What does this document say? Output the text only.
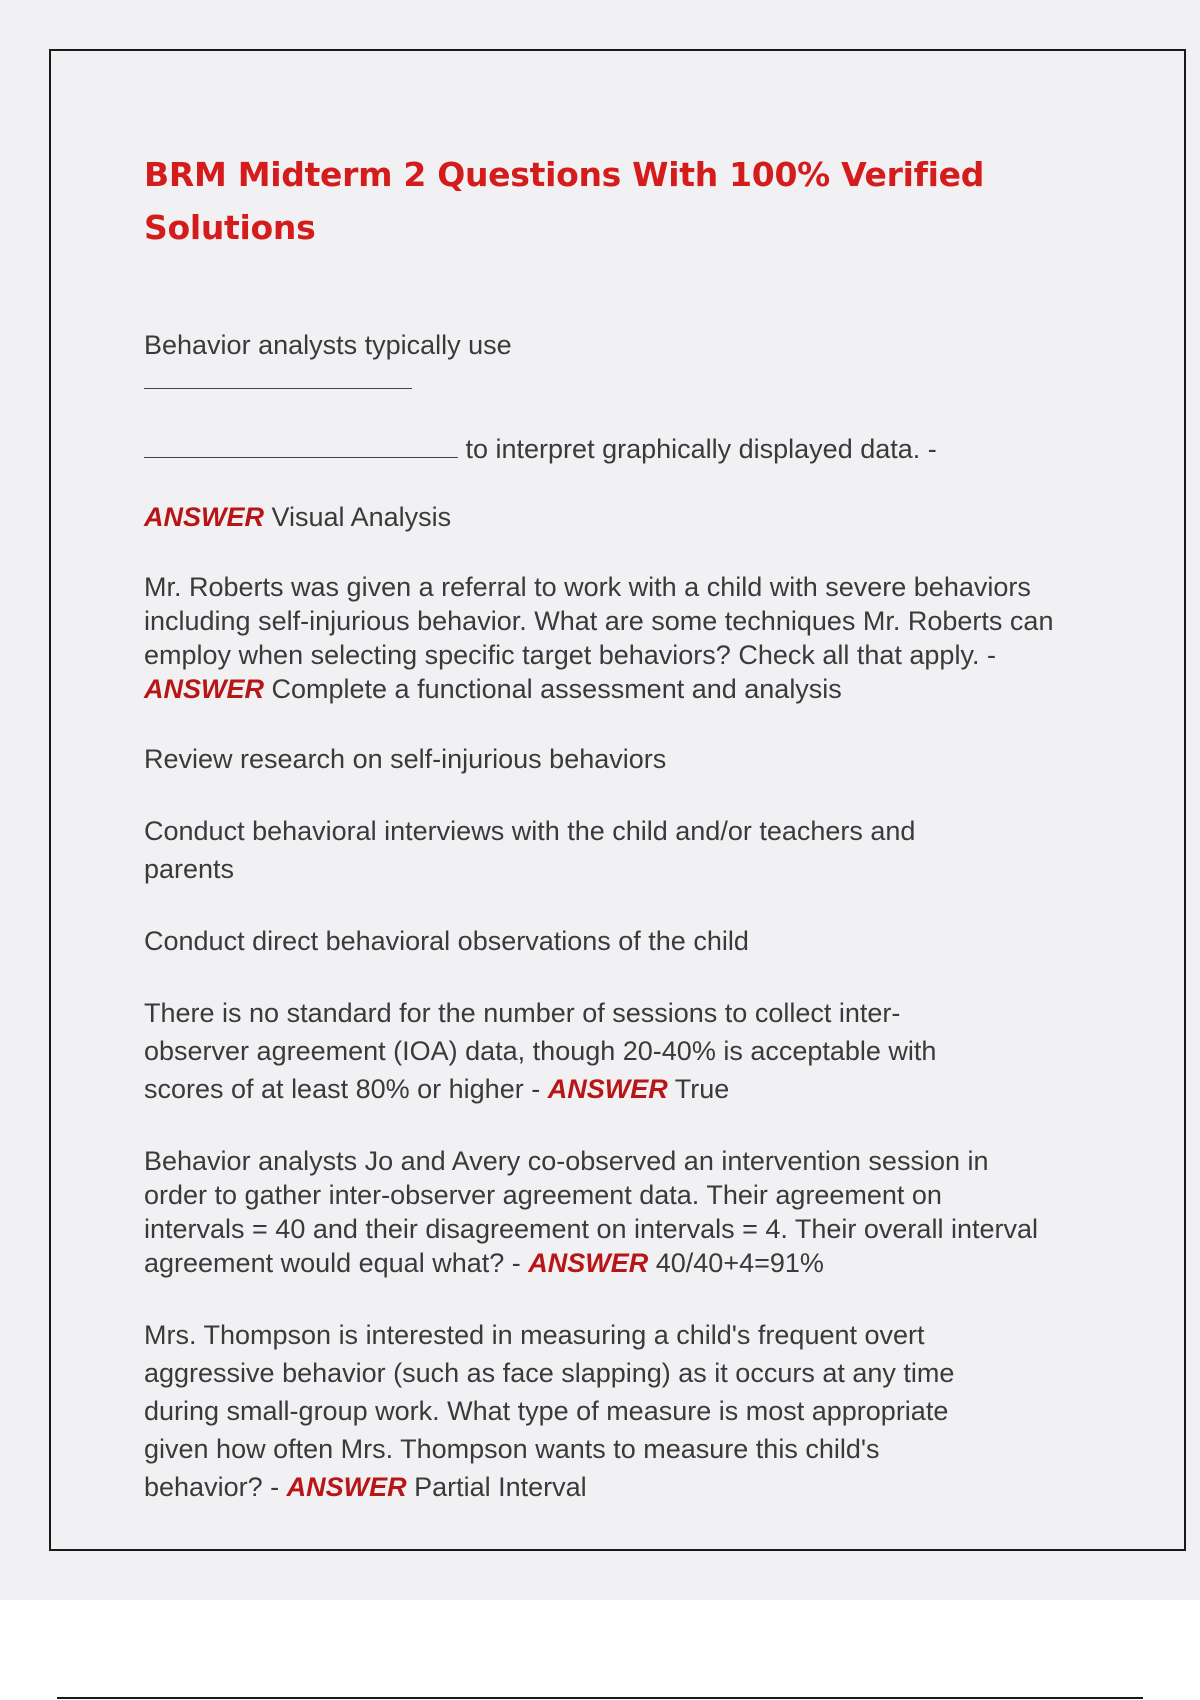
BRM Midterm 2 Questions With 100% Verified Solutions

Behavior analysts typically use

to interpret graphically displayed data. -

ANSWER Visual Analysis

Mr. Roberts was given a referral to work with a child with severe behaviors including self-injurious behavior. What are some techniques Mr. Roberts can employ when selecting specific target behaviors? Check all that apply. - ANSWER Complete a functional assessment and analysis

Review research on self-injurious behaviors

Conduct behavioral interviews with the child and/or teachers and parents

Conduct direct behavioral observations of the child

There is no standard for the number of sessions to collect inter-observer agreement (IOA) data, though 20-40% is acceptable with scores of at least 80% or higher - ANSWER True

Behavior analysts Jo and Avery co-observed an intervention session in order to gather inter-observer agreement data. Their agreement on intervals = 40 and their disagreement on intervals = 4. Their overall interval agreement would equal what? - ANSWER 40/40+4=91%

Mrs. Thompson is interested in measuring a child's frequent overt aggressive behavior (such as face slapping) as it occurs at any time during small-group work. What type of measure is most appropriate given how often Mrs. Thompson wants to measure this child's behavior? - ANSWER Partial Interval
